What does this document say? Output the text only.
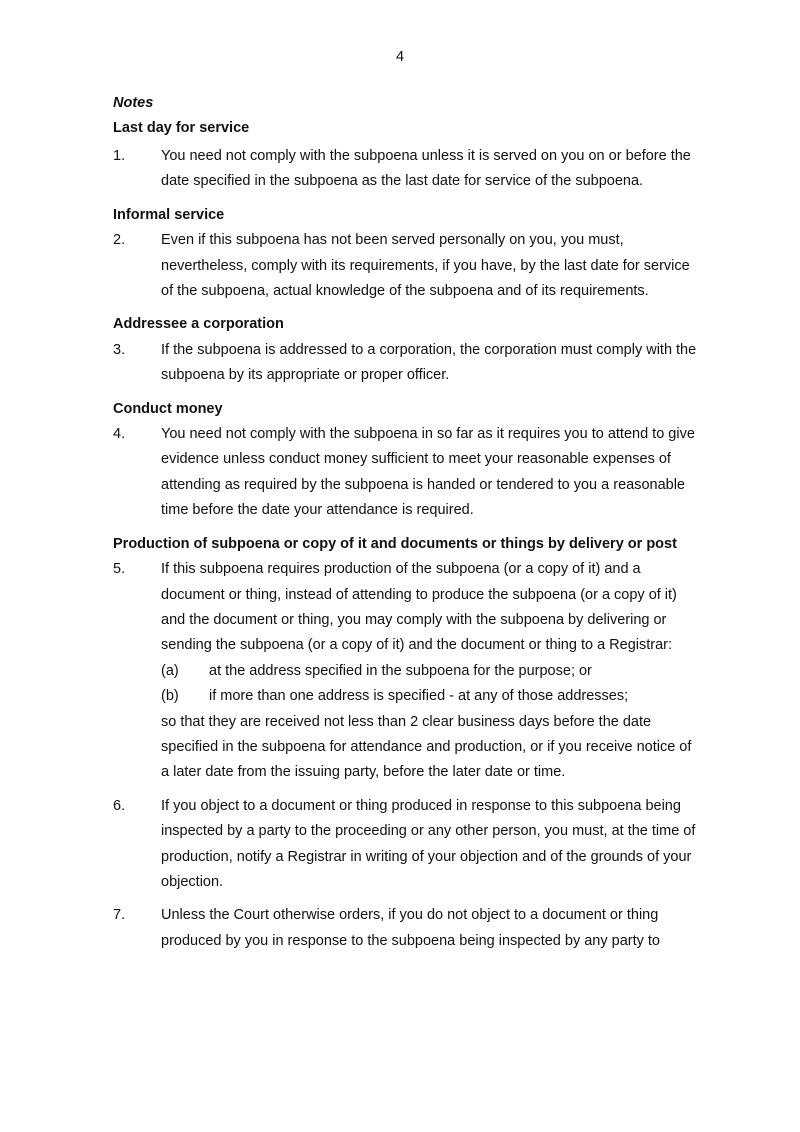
4
Notes
Last day for service
1.	You need not comply with the subpoena unless it is served on you on or before the date specified in the subpoena as the last date for service of the subpoena.
Informal service
2.	Even if this subpoena has not been served personally on you, you must, nevertheless, comply with its requirements, if you have, by the last date for service of the subpoena, actual knowledge of the subpoena and of its requirements.
Addressee a corporation
3.	If the subpoena is addressed to a corporation, the corporation must comply with the subpoena by its appropriate or proper officer.
Conduct money
4.	You need not comply with the subpoena in so far as it requires you to attend to give evidence unless conduct money sufficient to meet your reasonable expenses of attending as required by the subpoena is handed or tendered to you a reasonable time before the date your attendance is required.
Production of subpoena or copy of it and documents or things by delivery or post
5.	If this subpoena requires production of the subpoena (or a copy of it) and a document or thing, instead of attending to produce the subpoena (or a copy of it) and the document or thing, you may comply with the subpoena by delivering or sending the subpoena (or a copy of it) and the document or thing to a Registrar:
(a)	at the address specified in the subpoena for the purpose; or
(b)	if more than one address is specified - at any of those addresses;
so that they are received not less than 2 clear business days before the date specified in the subpoena for attendance and production, or if you receive notice of a later date from the issuing party, before the later date or time.
6.	If you object to a document or thing produced in response to this subpoena being inspected by a party to the proceeding or any other person, you must, at the time of production, notify a Registrar in writing of your objection and of the grounds of your objection.
7.	Unless the Court otherwise orders, if you do not object to a document or thing produced by you in response to the subpoena being inspected by any party to
